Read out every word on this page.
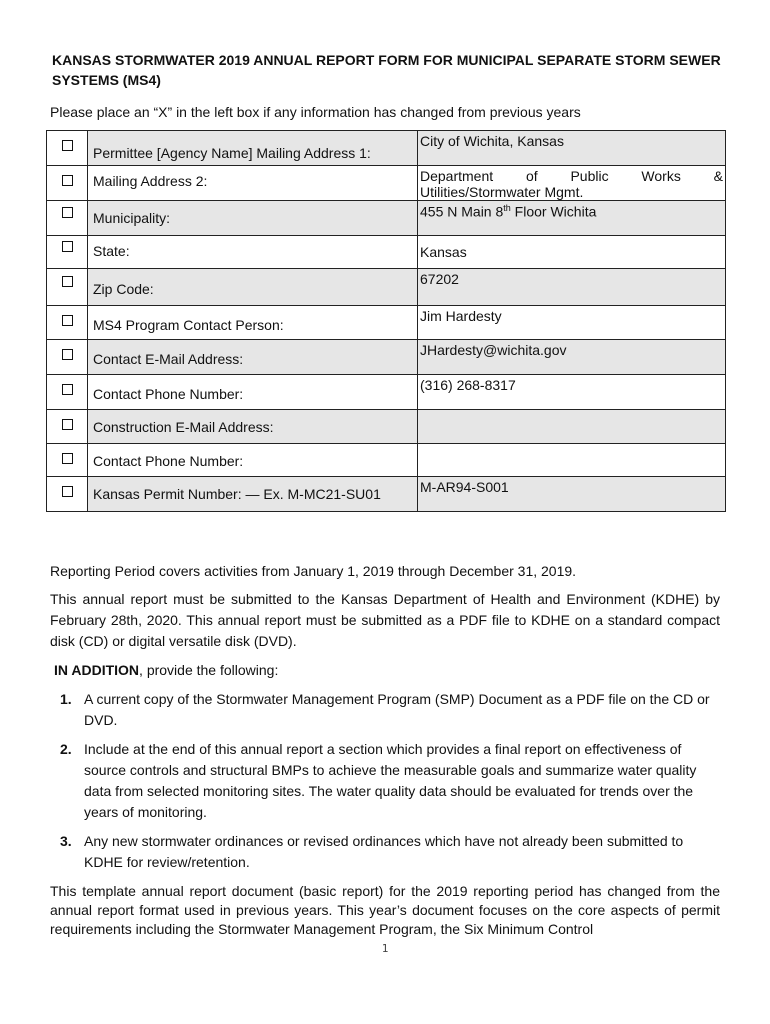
KANSAS STORMWATER 2019 ANNUAL REPORT FORM FOR MUNICIPAL SEPARATE STORM SEWER SYSTEMS (MS4)
Please place an “X” in the left box if any information has changed from previous years

	Permittee [Agency Name] Mailing Address 1:	City of Wichita, Kansas

	Mailing Address 2:	Department of Public Works &
Utilities/Stormwater Mgmt.

	Municipality:	455 N Main 8th Floor Wichita

	State:	Kansas

	Zip Code:	67202

	MS4 Program Contact Person:	Jim Hardesty

	Contact E-Mail Address:	JHardesty@wichita.gov

	Contact Phone Number:	(316) 268-8317

	Construction E-Mail Address:	

	Contact Phone Number:	

	Kansas Permit Number: — Ex. M-MC21-SU01	M-AR94-S001
Reporting Period covers activities from January 1, 2019 through December 31, 2019.
This annual report must be submitted to the Kansas Department of Health and Environment (KDHE) by February 28th, 2020. This annual report must be submitted as a PDF file to KDHE on a standard compact disk (CD) or digital versatile disk (DVD).
IN ADDITION, provide the following:
1. A current copy of the Stormwater Management Program (SMP) Document as a PDF file on the CD or DVD.
2. Include at the end of this annual report a section which provides a final report on effectiveness of source controls and structural BMPs to achieve the measurable goals and summarize water quality data from selected monitoring sites. The water quality data should be evaluated for trends over the years of monitoring.
3. Any new stormwater ordinances or revised ordinances which have not already been submitted to KDHE for review/retention.
This template annual report document (basic report) for the 2019 reporting period has changed from the annual report format used in previous years. This year’s document focuses on the core aspects of permit requirements including the Stormwater Management Program, the Six Minimum Control
1
